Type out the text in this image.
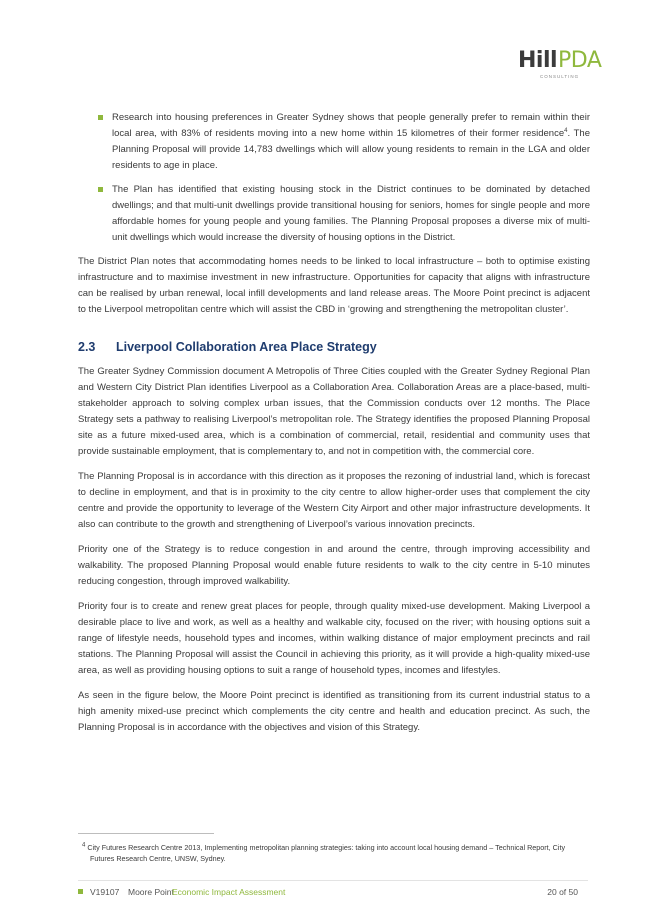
Hill PDA
CONSULTING
Research into housing preferences in Greater Sydney shows that people generally prefer to remain within their local area, with 83% of residents moving into a new home within 15 kilometres of their former residence$^4$. The Planning Proposal will provide 14,783 dwellings which will allow young residents to remain in the LGA and older residents to age in place.
The Plan has identified that existing housing stock in the District continues to be dominated by detached dwellings; and that multi-unit dwellings provide transitional housing for seniors, homes for single people and more affordable homes for young people and young families. The Planning Proposal proposes a diverse mix of multi-unit dwellings which would increase the diversity of housing options in the District.

The District Plan notes that accommodating homes needs to be linked to local infrastructure – both to optimise existing infrastructure and to maximise investment in new infrastructure. Opportunities for capacity that aligns with infrastructure can be realised by urban renewal, local infill developments and land release areas. The Moore Point precinct is adjacent to the Liverpool metropolitan centre which will assist the CBD in ‘growing and strengthening the metropolitan cluster’.

2.3	Liverpool Collaboration Area Place Strategy

The Greater Sydney Commission document A Metropolis of Three Cities coupled with the Greater Sydney Regional Plan and Western City District Plan identifies Liverpool as a Collaboration Area. Collaboration Areas are a place-based, multi-stakeholder approach to solving complex urban issues, that the Commission conducts over 12 months. The Place Strategy sets a pathway to realising Liverpool’s metropolitan role. The Strategy identifies the proposed Planning Proposal site as a future mixed-used area, which is a combination of commercial, retail, residential and community uses that provide sustainable employment, that is complementary to, and not in competition with, the commercial core.

The Planning Proposal is in accordance with this direction as it proposes the rezoning of industrial land, which is forecast to decline in employment, and that is in proximity to the city centre to allow higher-order uses that complement the city centre and provide the opportunity to leverage of the Western City Airport and other major infrastructure developments. It also can contribute to the growth and strengthening of Liverpool’s various innovation precincts.

Priority one of the Strategy is to reduce congestion in and around the centre, through improving accessibility and walkability. The proposed Planning Proposal would enable future residents to walk to the city centre in 5-10 minutes reducing congestion, through improved walkability.

Priority four is to create and renew great places for people, through quality mixed-use development. Making Liverpool a desirable place to live and work, as well as a healthy and walkable city, focused on the river; with housing options suit a range of lifestyle needs, household types and incomes, within walking distance of major employment precincts and rail stations. The Planning Proposal will assist the Council in achieving this priority, as it will provide a high-quality mixed-use area, as well as providing housing options to suit a range of household types, incomes and lifestyles.

As seen in the figure below, the Moore Point precinct is identified as transitioning from its current industrial status to a high amenity mixed-use precinct which complements the city centre and health and education precinct. As such, the Planning Proposal is in accordance with the objectives and vision of this Strategy.

$^4$ City Futures Research Centre 2013, Implementing metropolitan planning strategies: taking into account local housing demand – Technical Report, City Futures Research Centre, UNSW, Sydney.
V19107 Moore Point
Economic Impact Assessment	20 of 50
